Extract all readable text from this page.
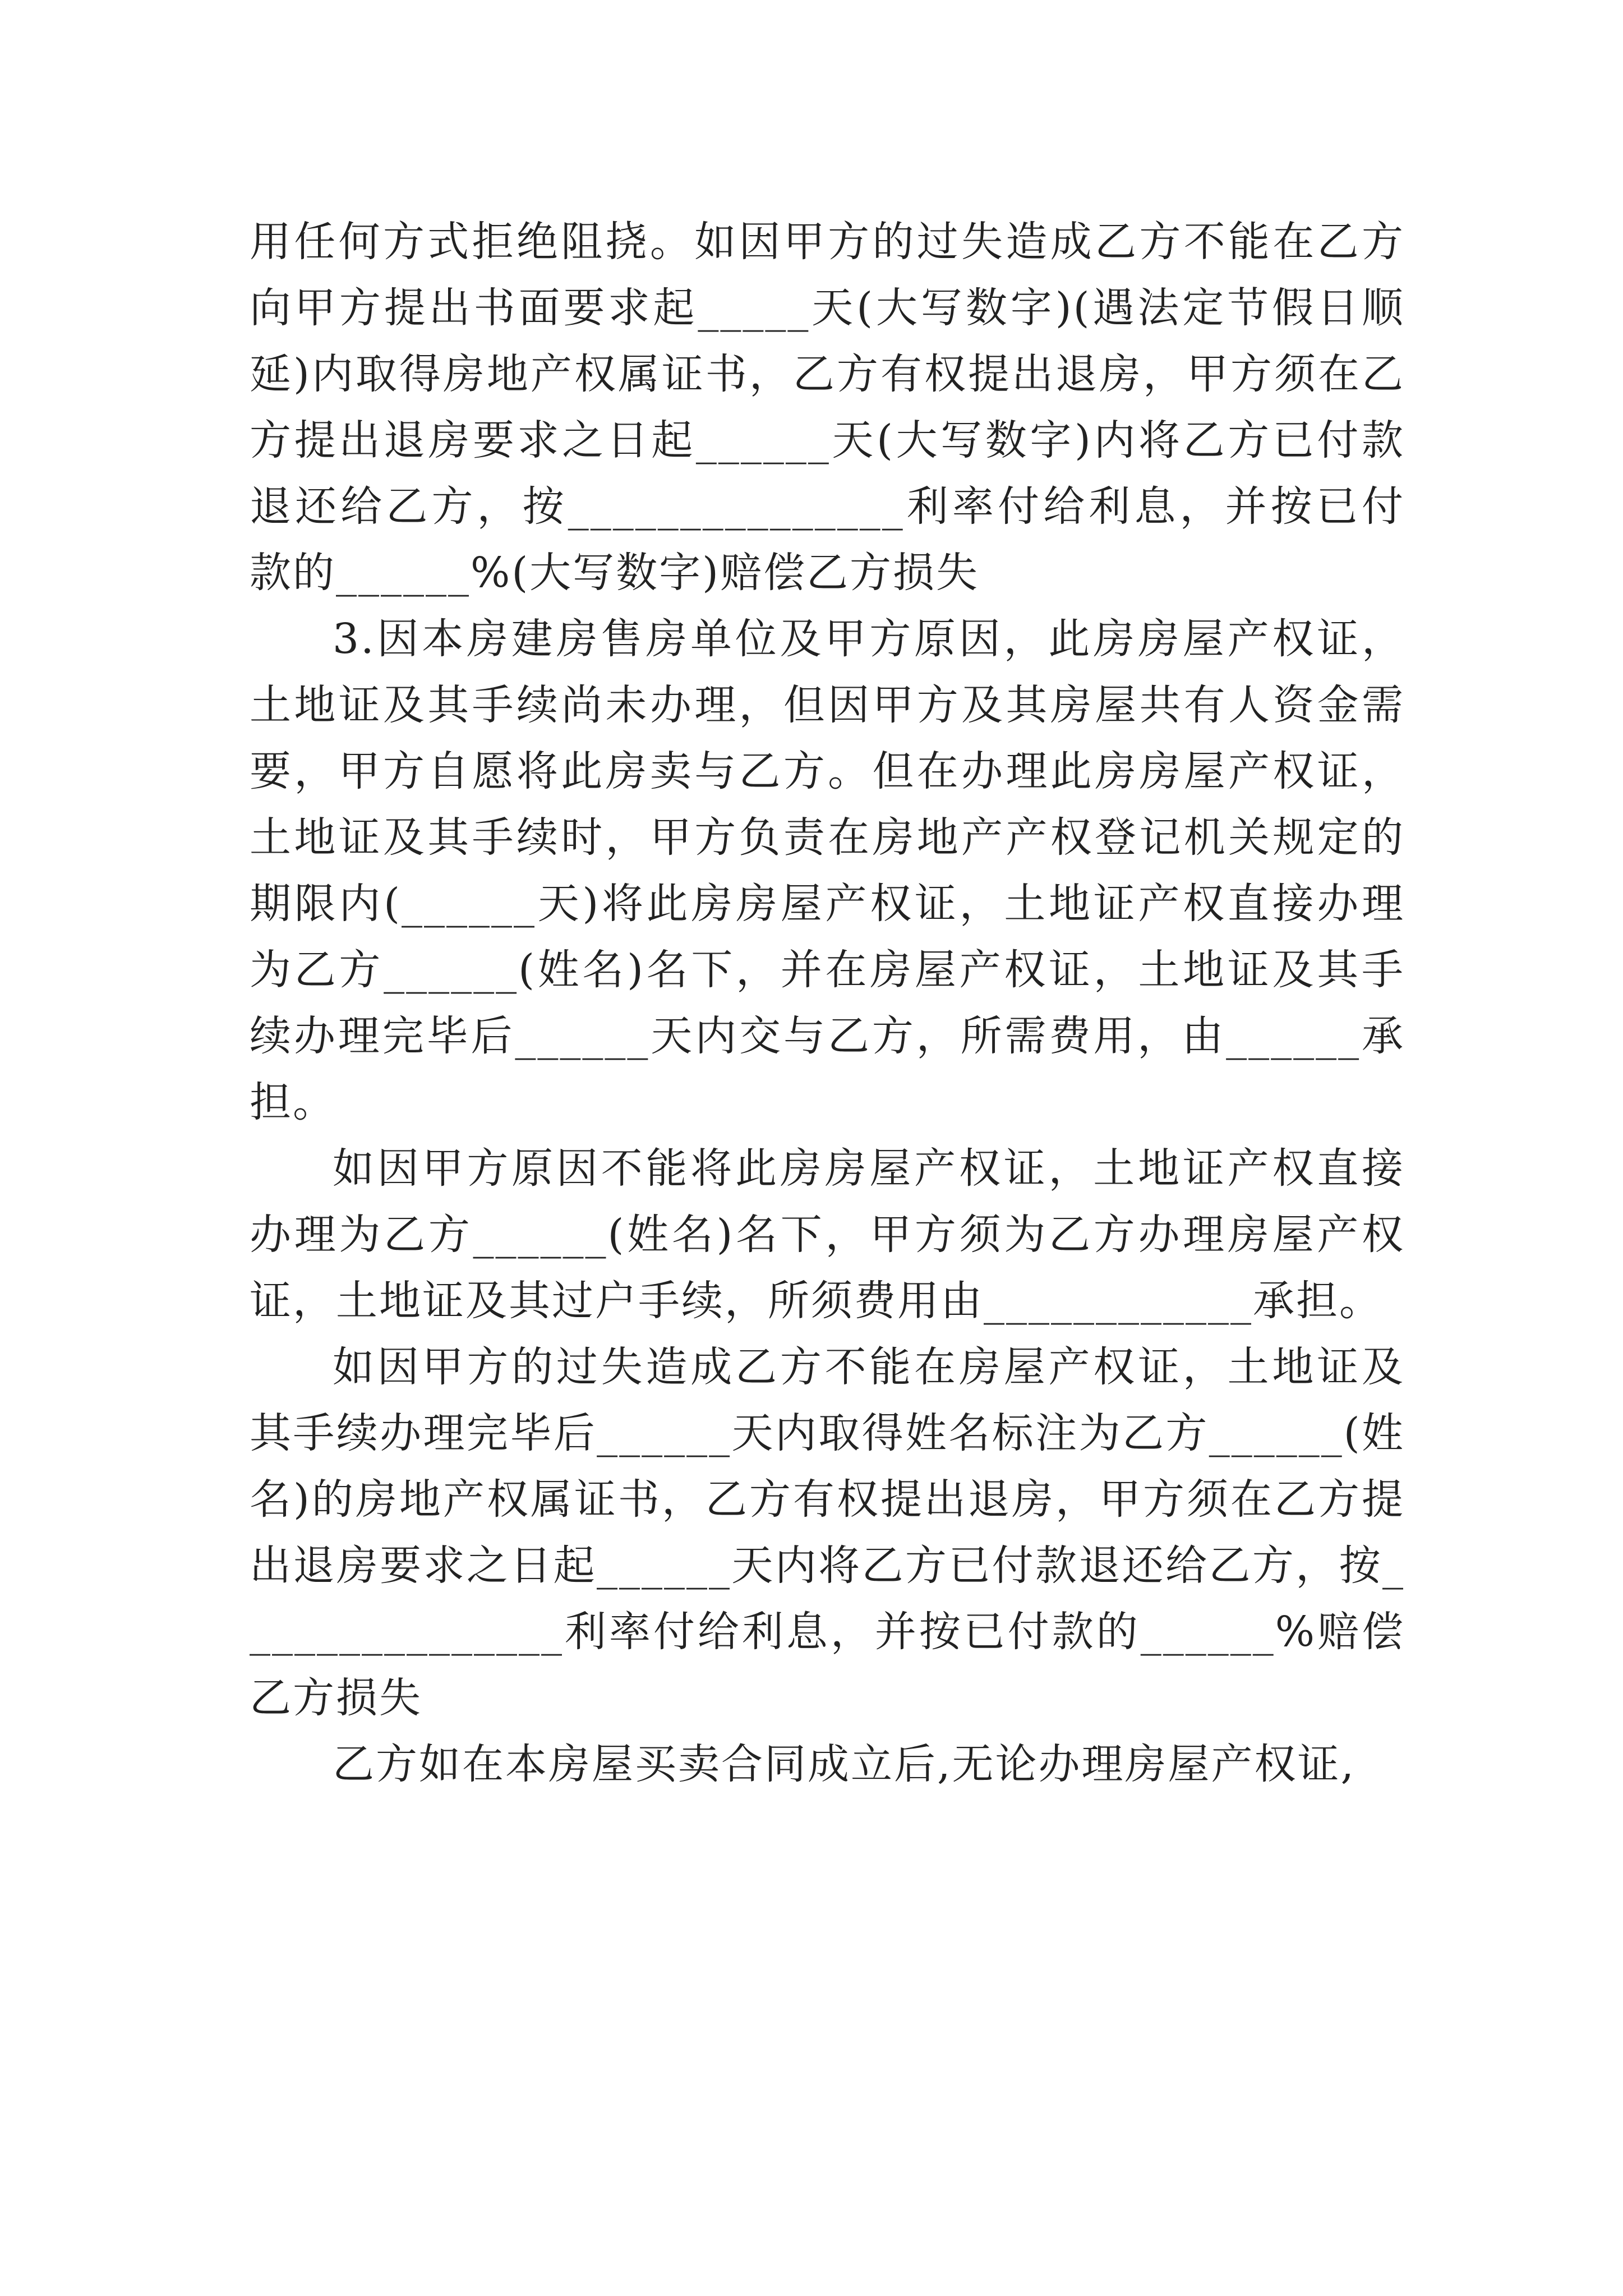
用任何方式拒绝阻挠。如因甲方的过失造成乙方不能在乙方向甲方提出书面要求起_____天(大写数字)(遇法定节假日顺延)内取得房地产权属证书，乙方有权提出退房，甲方须在乙方提出退房要求之日起______天(大写数字)内将乙方已付款退还给乙方，按_______________利率付给利息，并按已付款的______%(大写数字)赔偿乙方损失

3.因本房建房售房单位及甲方原因，此房房屋产权证，土地证及其手续尚未办理，但因甲方及其房屋共有人资金需要，甲方自愿将此房卖与乙方。但在办理此房房屋产权证，土地证及其手续时，甲方负责在房地产产权登记机关规定的期限内(______天)将此房房屋产权证，土地证产权直接办理为乙方______(姓名)名下，并在房屋产权证，土地证及其手续办理完毕后______天内交与乙方，所需费用，由______承担。

如因甲方原因不能将此房房屋产权证，土地证产权直接办理为乙方______(姓名)名下，甲方须为乙方办理房屋产权证，土地证及其过户手续，所须费用由____________承担。

如因甲方的过失造成乙方不能在房屋产权证，土地证及其手续办理完毕后______天内取得姓名标注为乙方______(姓名)的房地产权属证书，乙方有权提出退房，甲方须在乙方提出退房要求之日起______天内将乙方已付款退还给乙方，按_______________利率付给利息，并按已付款的______%赔偿乙方损失

乙方如在本房屋买卖合同成立后,无论办理房屋产权证,
